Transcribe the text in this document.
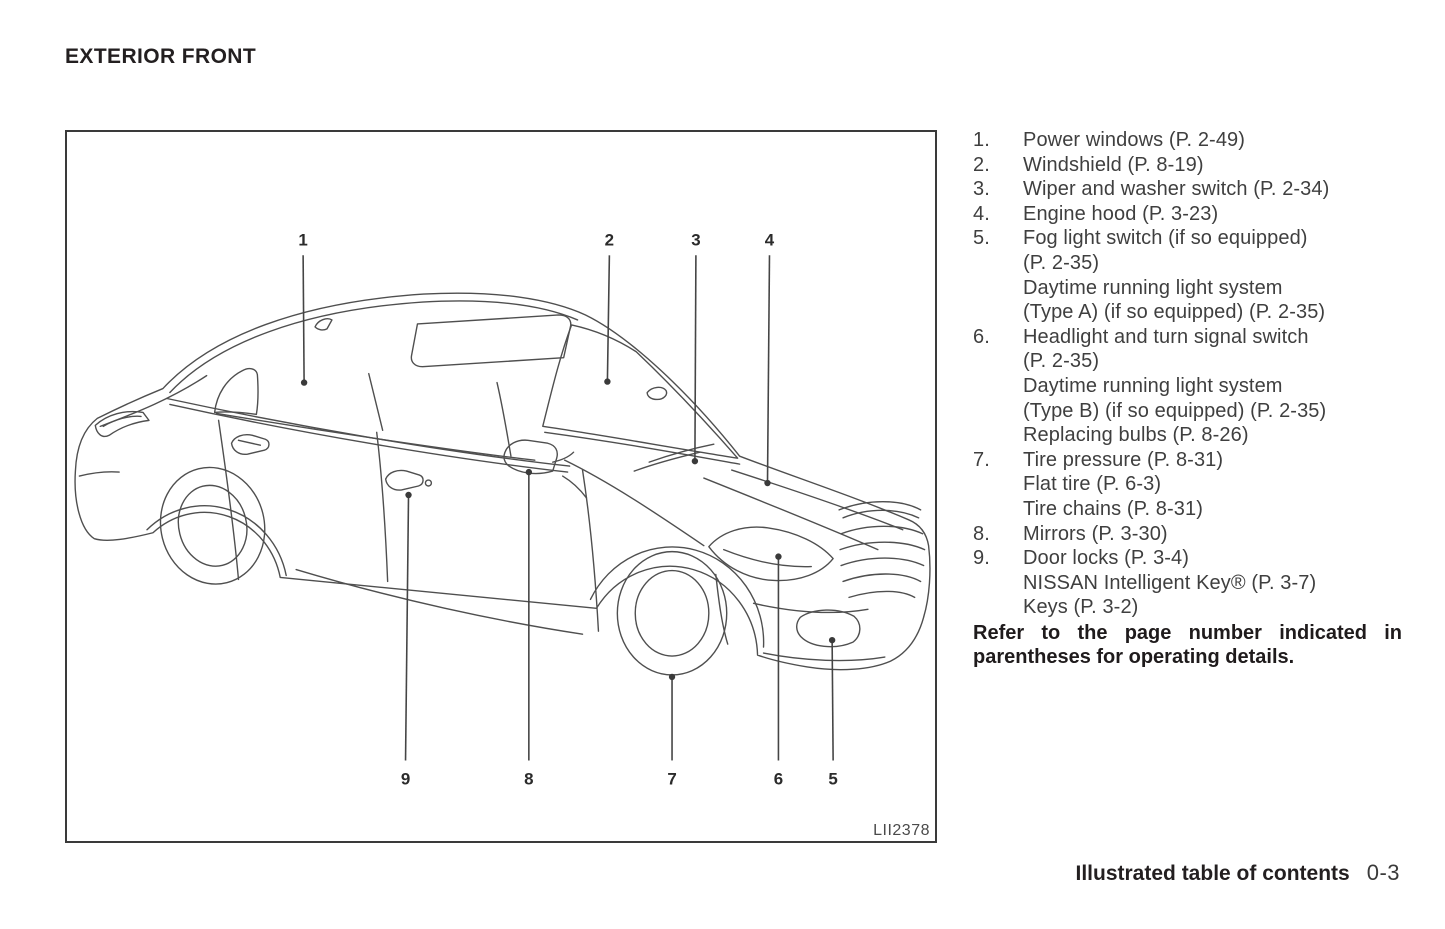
EXTERIOR FRONT
1	2	3	4
9	8	7	6	5
LII2378
1.	Power windows (P. 2-49)
2.	Windshield (P. 8-19)
3.	Wiper and washer switch (P. 2-34)
4.	Engine hood (P. 3-23)
5.	Fog light switch (if so equipped)
(P. 2-35)
Daytime running light system
(Type A) (if so equipped) (P. 2-35)
6.	Headlight and turn signal switch
(P. 2-35)
Daytime running light system
(Type B) (if so equipped) (P. 2-35)
Replacing bulbs (P. 8-26)
7.	Tire pressure (P. 8-31)
Flat tire (P. 6-3)
Tire chains (P. 8-31)
8.	Mirrors (P. 3-30)
9.	Door locks (P. 3-4)
NISSAN Intelligent Key® (P. 3-7)
Keys (P. 3-2)

Refer to the page number indicated in parentheses for operating details.

Illustrated table of contents 0-3
